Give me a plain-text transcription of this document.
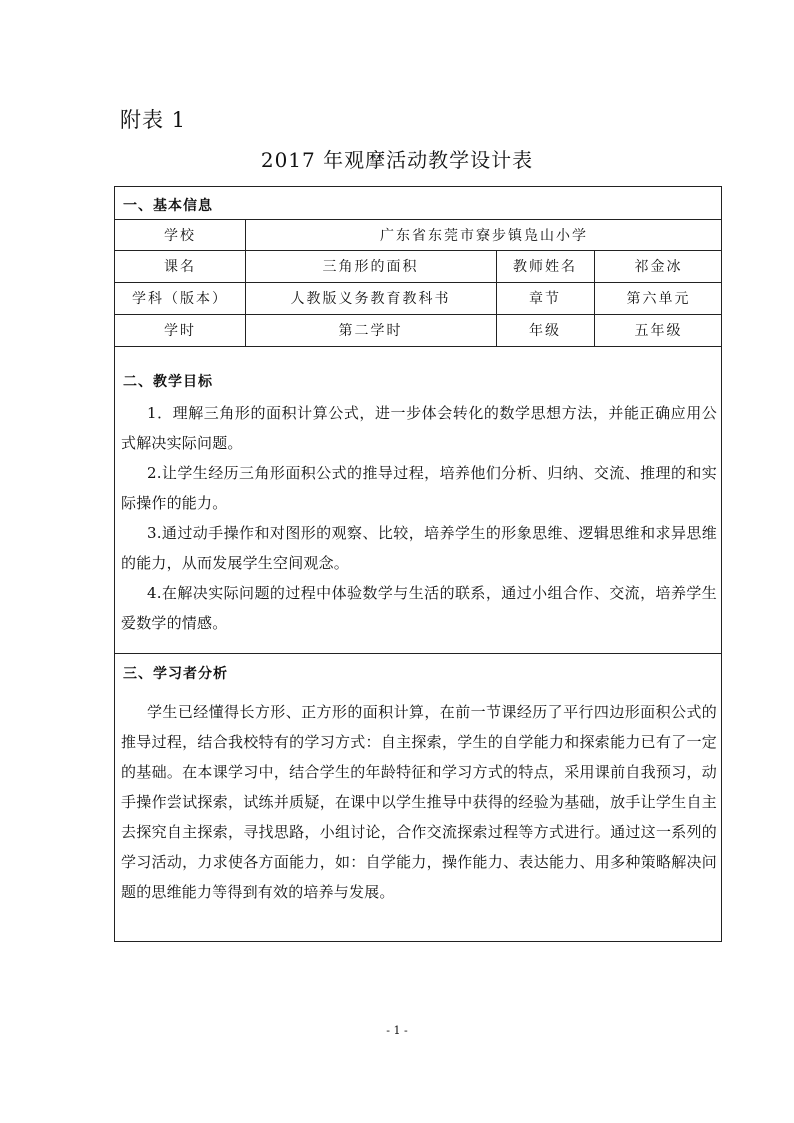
附表 1
2017 年观摩活动教学设计表
一、基本信息
学校	广东省东莞市寮步镇凫山小学
课名	三角形的面积	教师姓名	祁金冰
学科（版本）	人教版义务教育教科书	章节	第六单元
学时	第二学时	年级	五年级
二、教学目标
1．理解三角形的面积计算公式，进一步体会转化的数学思想方法，并能正确应用公式解决实际问题。
2.让学生经历三角形面积公式的推导过程，培养他们分析、归纳、交流、推理的和实际操作的能力。
3.通过动手操作和对图形的观察、比较，培养学生的形象思维、逻辑思维和求异思维的能力，从而发展学生空间观念。
4.在解决实际问题的过程中体验数学与生活的联系，通过小组合作、交流，培养学生爱数学的情感。
三、学习者分析
学生已经懂得长方形、正方形的面积计算，在前一节课经历了平行四边形面积公式的推导过程，结合我校特有的学习方式：自主探索，学生的自学能力和探索能力已有了一定的基础。在本课学习中，结合学生的年龄特征和学习方式的特点，采用课前自我预习，动手操作尝试探索，试练并质疑，在课中以学生推导中获得的经验为基础，放手让学生自主去探究自主探索，寻找思路，小组讨论，合作交流探索过程等方式进行。通过这一系列的学习活动，力求使各方面能力，如：自学能力，操作能力、表达能力、用多种策略解决问题的思维能力等得到有效的培养与发展。
- 1 -
